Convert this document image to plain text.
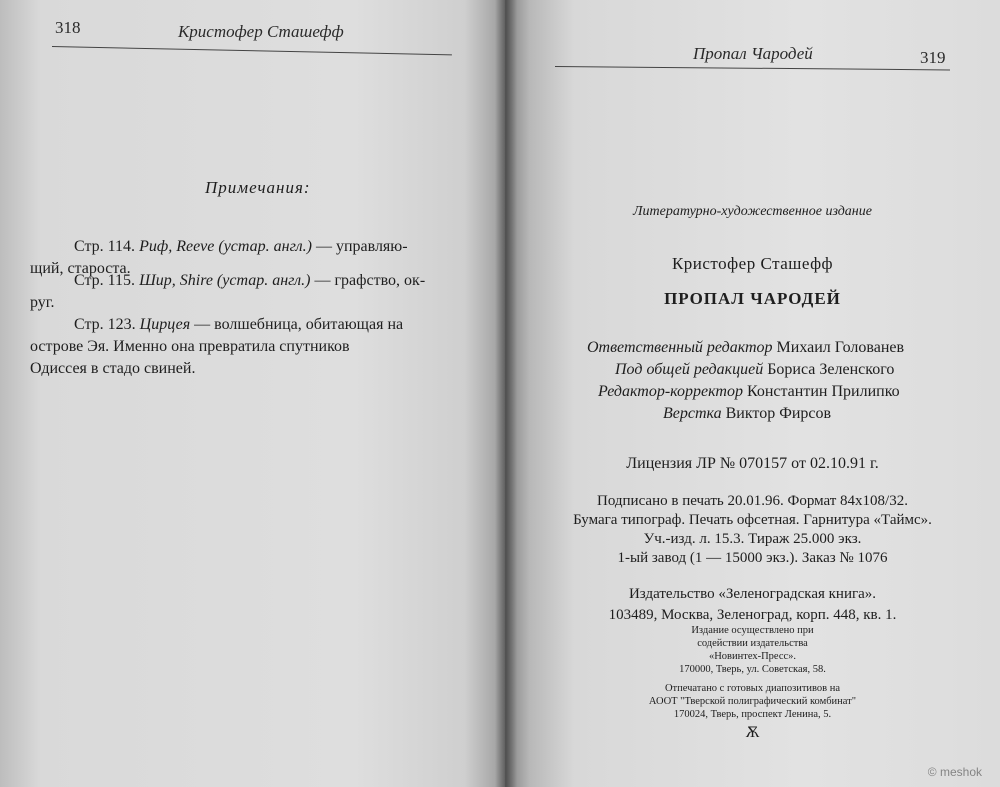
318	Кристофер Сташефф
Примечания:
Стр. 114. Риф, Reeve (устар. англ.) — управляю-
щий, староста.
Стр. 115. Шир, Shire (устар. англ.) — графство, ок-
руг.
Стр. 123. Цирцея — волшебница, обитающая на
острове Эя. Именно она превратила спутников
Одиссея в стадо свиней.
Пропал Чародей	319
Литературно-художественное издание
Кристофер Сташефф
ПРОПАЛ ЧАРОДЕЙ
Ответственный редактор Михаил Голованев
Под общей редакцией Бориса Зеленского
Редактор-корректор Константин Прилипко
Верстка Виктор Фирсов
Лицензия ЛР № 070157 от 02.10.91 г.
Подписано в печать 20.01.96. Формат 84x108/32.
Бумага типограф. Печать офсетная. Гарнитура «Таймс».
Уч.-изд. л. 15.3. Тираж 25.000 экз.
1-ый завод (1 — 15000 экз.). Заказ № 1076
Издательство «Зеленоградская книга».
103489, Москва, Зеленоград, корп. 448, кв. 1.
Издание осуществлено при
содействии издательства
«Новинтех-Пресс».
170000, Тверь, ул. Советская, 58.
Отпечатано с готовых диапозитивов на
АООТ "Тверской полиграфический комбинат"
170024, Тверь, проспект Ленина, 5.
Ѫ
© meshok
